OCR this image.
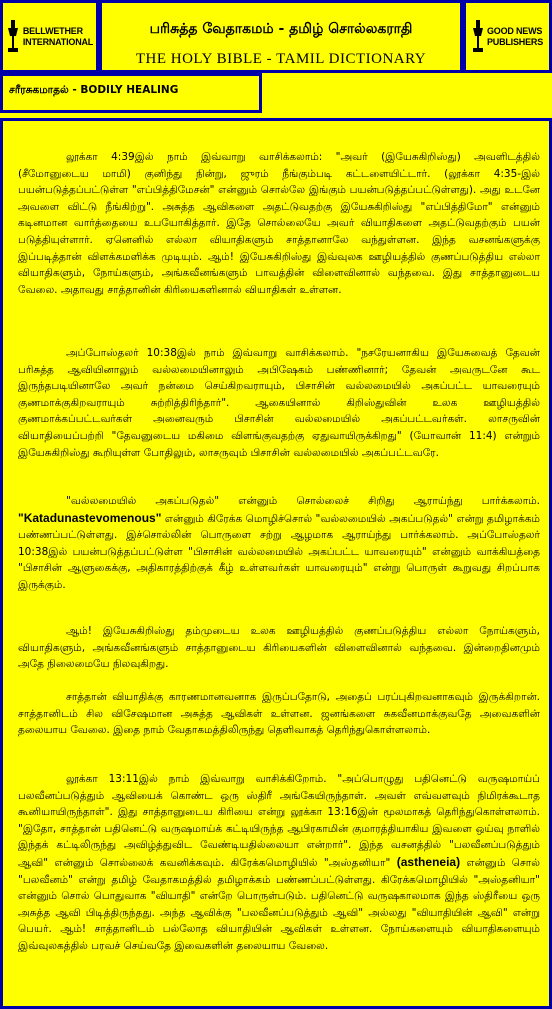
BELLWETHER
INTERNATIONAL
பரிசுத்த வேதாகமம் - தமிழ் சொல்லகராதி
THE HOLY BIBLE - TAMIL DICTIONARY
GOOD NEWS
PUBLISHERS
சரீரசுகமாதல் - BODILY HEALING

லூக்கா 4:39இல் நாம் இவ்வாறு வாசிக்கலாம்: "அவர் (இயேசுகிறிஸ்து) அவளிடத்தில் (சீமோனுடைய மாமி) குனிந்து நின்று, ஜுரம் நீங்கும்படி கட்டளையிட்டார். (லூக்கா 4:35-இல் பயன்படுத்தப்பட்டுள்ள "எப்பித்திமேசன்" என்னும் சொல்லே இங்கும் பயன்படுத்தப்பட்டுள்ளது). அது உடனே அவளை விட்டு நீங்கிற்று". அசுத்த ஆவிகளை அதட்டுவதற்கு இயேசுகிறிஸ்து "எப்பித்திமோ" என்னும் கடினமான வார்த்தையை உபயோகித்தார். இதே சொல்லையே அவர் வியாதிகளை அதட்டுவதற்கும் பயன் படுத்தியுள்ளார். ஏனெனில் எல்லா வியாதிகளும் சாத்தானாலே வந்துள்ளன. இந்த வசனங்களுக்கு இப்படித்தான் விளக்கமளிக்க முடியும். ஆம்! இயேசுகிறிஸ்து இவ்வுலக ஊழியத்தில் குணப்படுத்திய எல்லா வியாதிகளும், நோய்களும், அங்கவீனங்களும் பாவத்தின் விளைவினால் வந்தவை. இது சாத்தானுடைய வேலை. அதாவது சாத்தானின் கிரியைகளினால் வியாதிகள் உள்ளன.

அப்போஸ்தலர் 10:38இல் நாம் இவ்வாறு வாசிக்கலாம். "நசரேயனாகிய இயேசுவைத் தேவன் பரிசுத்த ஆவியினாலும் வல்லமையினாலும் அபிஷேகம் பண்ணினார்; தேவன் அவருடனே கூட இருந்தபடியினாலே அவர் நன்மை செய்கிறவராயும், பிசாசின் வல்லமையில் அகப்பட்ட யாவரையும் குணமாக்குகிறவராயும் சுற்றித்திரிந்தார்". ஆகையினால் கிறிஸ்துவின் உலக ஊழியத்தில் குணமாக்கப்பட்டவர்கள் அனைவரும் பிசாசின் வல்லமையில் அகப்பட்டவர்கள். லாசருவின் வியாதியைப்பற்றி "தேவனுடைய மகிமை விளங்குவதற்கு ஏதுவாயிருக்கிறது" (யோவான் 11:4) என்றும் இயேசுகிறிஸ்து கூறியுள்ள போதிலும், லாசருவும் பிசாசின் வல்லமையில் அகப்பட்டவரே.

"வல்லமையில் அகப்படுதல்" என்னும் சொல்லைச் சிறிது ஆராய்ந்து பார்க்கலாம். "Katadunastevomenous" என்னும் கிரேக்க மொழிச்சொல் "வல்லமையில் அகப்படுதல்" என்று தமிழாக்கம் பண்ணப்பட்டுள்ளது. இச்சொல்லின் பொருளை சற்று ஆழமாக ஆராய்ந்து பார்க்கலாம். அப்போஸ்தலர் 10:38இல் பயன்படுத்தப்பட்டுள்ள "பிசாசின் வல்லமையில் அகப்பட்ட யாவரையும்" என்னும் வாக்கியத்தை "பிசாசின் ஆளுகைக்கு, அதிகாரத்திற்குக் கீழ் உள்ளவர்கள் யாவரையும்" என்று பொருள் கூறுவது சிறப்பாக இருக்கும்.

ஆம்! இயேசுகிறிஸ்து தம்முடைய உலக ஊழியத்தில் குணப்படுத்திய எல்லா நோய்களும், வியாதிகளும், அங்கவீனங்களும் சாத்தானுடைய கிரியைகளின் விளைவினால் வந்தவை. இன்றைதினமும் அதே நிலைமையே நிலவுகிறது.

சாத்தான் வியாதிக்கு காரணமானவனாக இருப்பதோடு, அதைப் பரப்புகிறவனாகவும் இருக்கிறான். சாத்தானிடம் சில விசேஷமான அசுத்த ஆவிகள் உள்ளன. ஜனங்களை சுகவீனமாக்குவதே அவைகளின் தலையாய வேலை. இதை நாம் வேதாகமத்திலிருந்து தெளிவாகத் தெரிந்துகொள்ளலாம்.

லூக்கா 13:11இல் நாம் இவ்வாறு வாசிக்கிறோம். "அப்பொழுது பதினெட்டு வருஷமாய்ப் பலவீனப்படுத்தும் ஆவியைக் கொண்ட ஒரு ஸ்திரீ அங்கேயிருந்தாள். அவள் எவ்வளவும் நிமிரக்கூடாத கூனியாயிருந்தாள்". இது சாத்தானுடைய கிரியை என்று லூக்கா 13:16இன் மூலமாகத் தெரிந்துகொள்ளலாம். "இதோ, சாத்தான் பதினெட்டு வருஷமாய்க் கட்டியிருந்த ஆபிரகாமின் குமாரத்தியாகிய இவளை ஒய்வு நாளில் இந்தக் கட்டிலிருந்து அவிழ்த்துவிட வேண்டியதில்லையா என்றார்". இந்த வசனத்தில் "பலவீனப்படுத்தும் ஆவி" என்னும் சொல்லைக் கவனிக்கவும். கிரேக்கமொழியில் "அஸ்தனியா" (astheneia) என்னும் சொல் "பலவீனம்" என்று தமிழ் வேதாகமத்தில் தமிழாக்கம் பண்ணப்பட்டுள்ளது. கிரேக்கமொழியில் "அஸ்தனியா" என்னும் சொல் பொதுவாக "வியாதி" என்றே பொருள்படும். பதினெட்டு வருஷகாலமாக இந்த ஸ்திரீயை ஒரு அசுத்த ஆவி பிடித்திருந்தது. அந்த ஆவிக்கு "பலவீனப்படுத்தும் ஆவி" அல்லது "வியாதியின் ஆவி" என்று பெயர். ஆம்! சாத்தானிடம் பல்லோத வியாதியின் ஆவிகள் உள்ளன. நோய்களையும் வியாதிகளையும் இவ்வுலகத்தில் பரவச் செய்வதே இவைகளின் தலையாய வேலை.
